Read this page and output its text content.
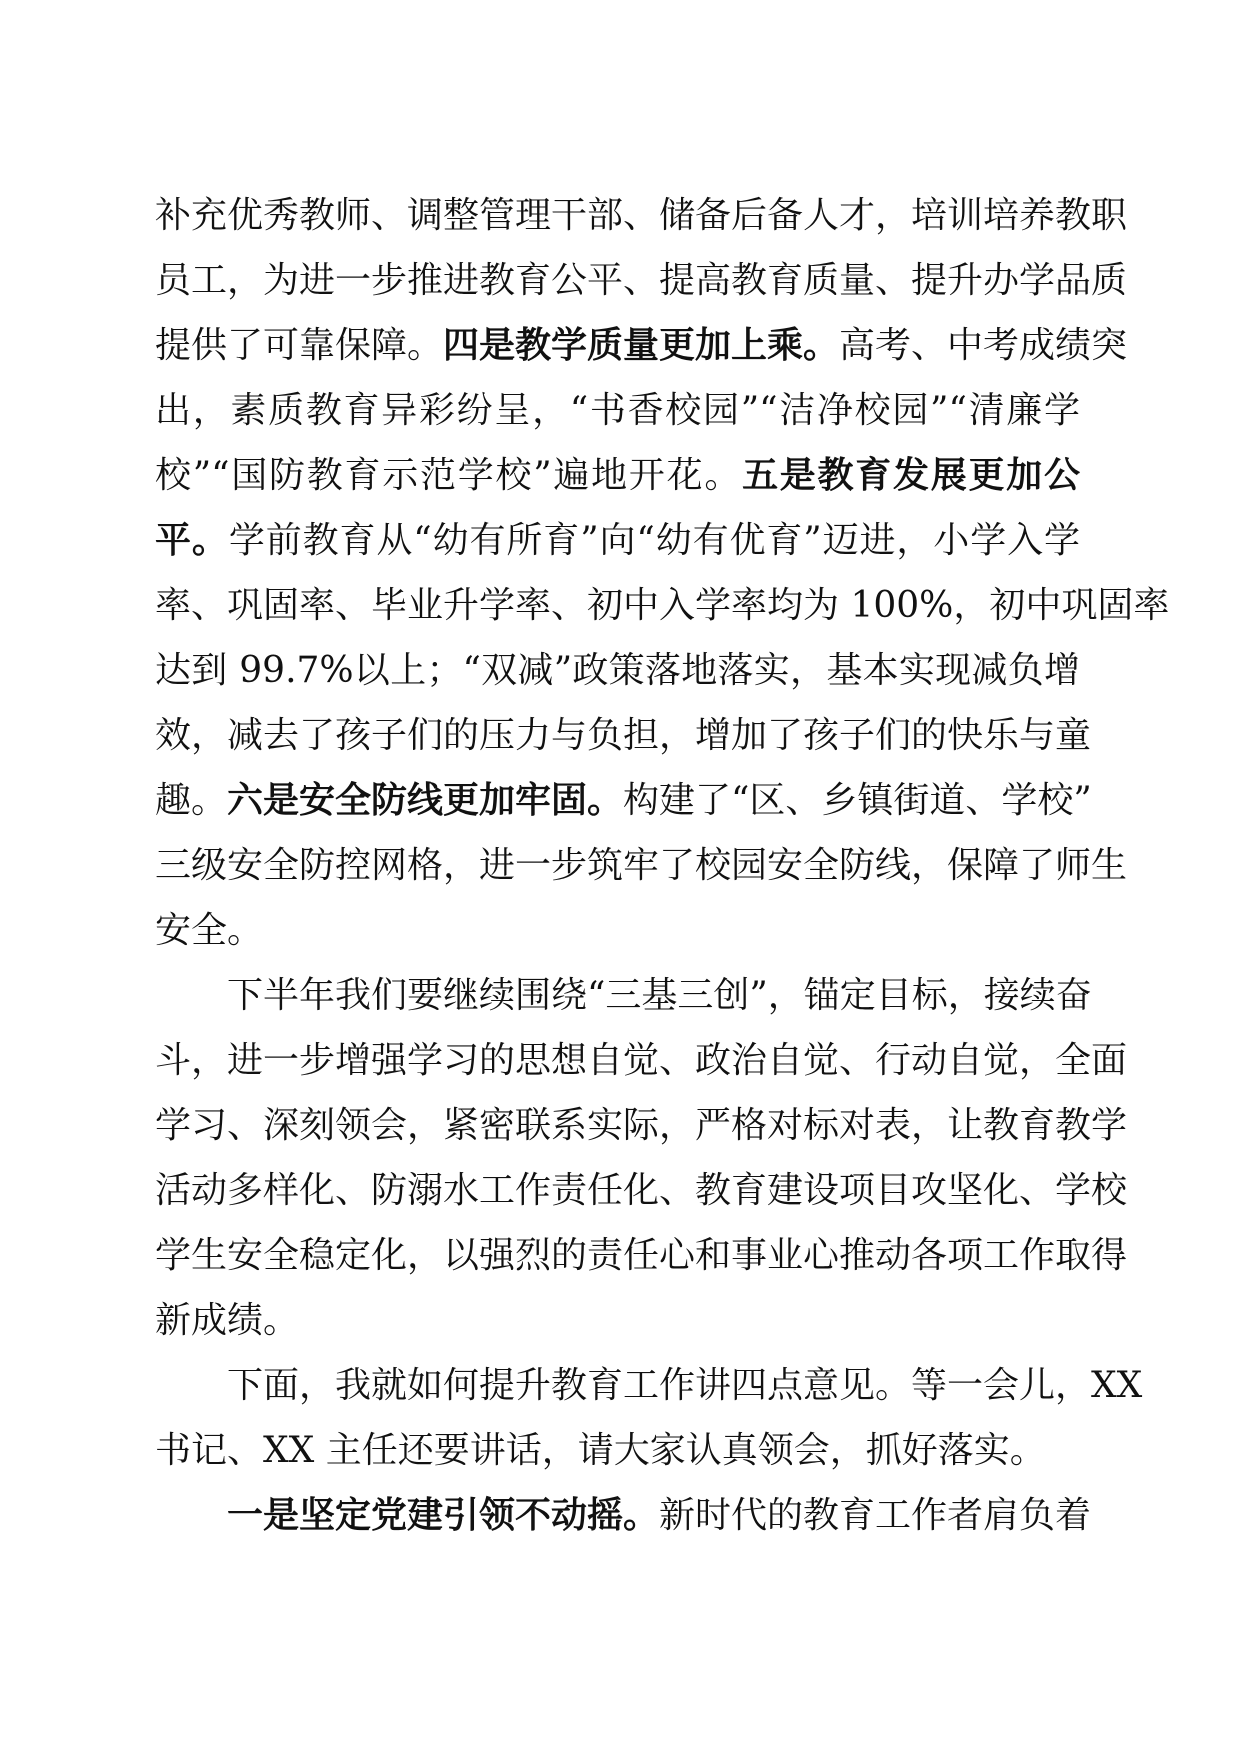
补充优秀教师、调整管理干部、储备后备人才，培训培养教职
员工，为进一步推进教育公平、提高教育质量、提升办学品质
提供了可靠保障。四是教学质量更加上乘。高考、中考成绩突
出，素质教育异彩纷呈，“书香校园”“洁净校园”“清廉学
校”“国防教育示范学校”遍地开花。五是教育发展更加公
平。学前教育从“幼有所育”向“幼有优育”迈进，小学入学
率、巩固率、毕业升学率、初中入学率均为 100%，初中巩固率
达到 99.7%以上；“双减”政策落地落实，基本实现减负增
效，减去了孩子们的压力与负担，增加了孩子们的快乐与童
趣。六是安全防线更加牢固。构建了“区、乡镇街道、学校”
三级安全防控网格，进一步筑牢了校园安全防线，保障了师生
安全。
下半年我们要继续围绕“三基三创”，锚定目标，接续奋
斗，进一步增强学习的思想自觉、政治自觉、行动自觉，全面
学习、深刻领会，紧密联系实际，严格对标对表，让教育教学
活动多样化、防溺水工作责任化、教育建设项目攻坚化、学校
学生安全稳定化，以强烈的责任心和事业心推动各项工作取得
新成绩。
下面，我就如何提升教育工作讲四点意见。等一会儿，XX
书记、XX 主任还要讲话，请大家认真领会，抓好落实。
一是坚定党建引领不动摇。新时代的教育工作者肩负着
